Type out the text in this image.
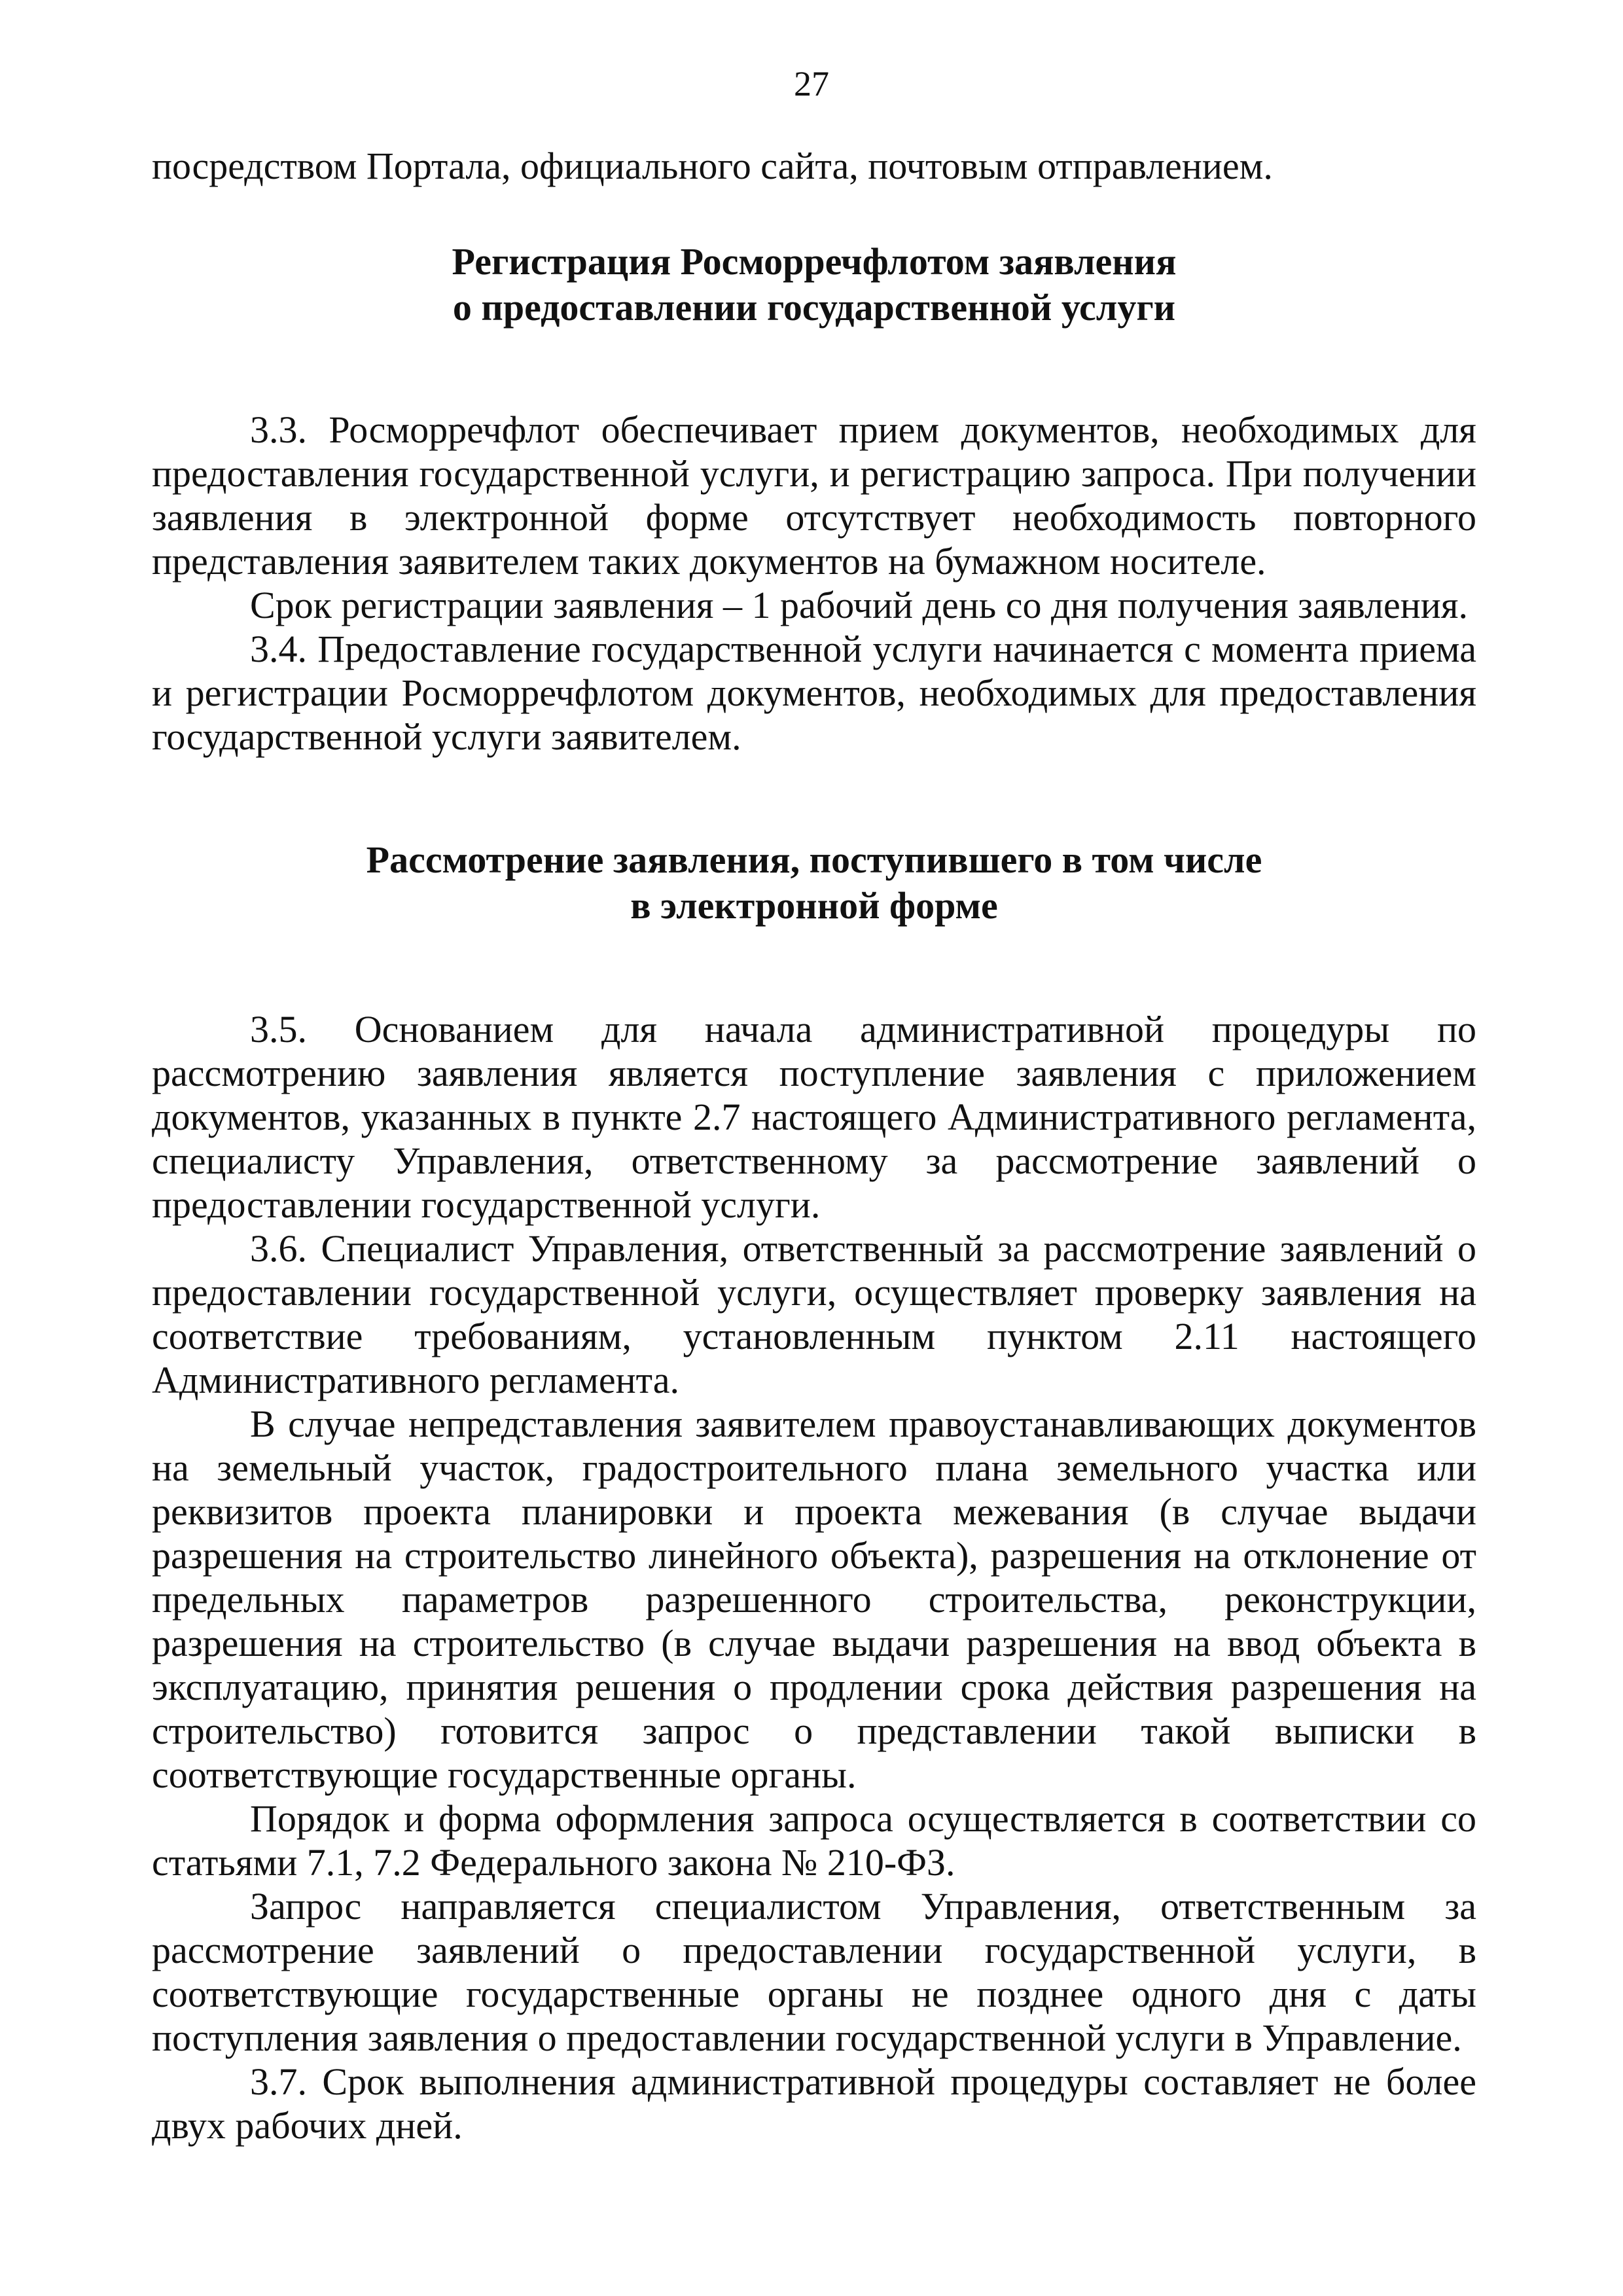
27

посредством Портала, официального сайта, почтовым отправлением.

Регистрация Росморречфлотом заявления
о предоставлении государственной услуги

3.3. Росморречфлот обеспечивает прием документов, необходимых для предоставления государственной услуги, и регистрацию запроса. При получении заявления в электронной форме отсутствует необходимость повторного представления заявителем таких документов на бумажном носителе.

Срок регистрации заявления – 1 рабочий день со дня получения заявления.

3.4. Предоставление государственной услуги начинается с момента приема и регистрации Росморречфлотом документов, необходимых для предоставления государственной услуги заявителем.

Рассмотрение заявления, поступившего в том числе
в электронной форме

3.5. Основанием для начала административной процедуры по рассмотрению заявления является поступление заявления с приложением документов, указанных в пункте 2.7 настоящего Административного регламента, специалисту Управления, ответственному за рассмотрение заявлений о предоставлении государственной услуги.

3.6. Специалист Управления, ответственный за рассмотрение заявлений о предоставлении государственной услуги, осуществляет проверку заявления на соответствие требованиям, установленным пунктом 2.11 настоящего Административного регламента.

В случае непредставления заявителем правоустанавливающих документов на земельный участок, градостроительного плана земельного участка или реквизитов проекта планировки и проекта межевания (в случае выдачи разрешения на строительство линейного объекта), разрешения на отклонение от предельных параметров разрешенного строительства, реконструкции, разрешения на строительство (в случае выдачи разрешения на ввод объекта в эксплуатацию, принятия решения о продлении срока действия разрешения на строительство) готовится запрос о представлении такой выписки в соответствующие государственные органы.

Порядок и форма оформления запроса осуществляется в соответствии со статьями 7.1, 7.2 Федерального закона № 210-ФЗ.

Запрос направляется специалистом Управления, ответственным за рассмотрение заявлений о предоставлении государственной услуги, в соответствующие государственные органы не позднее одного дня с даты поступления заявления о предоставлении государственной услуги в Управление.

3.7. Срок выполнения административной процедуры составляет не более двух рабочих дней.
